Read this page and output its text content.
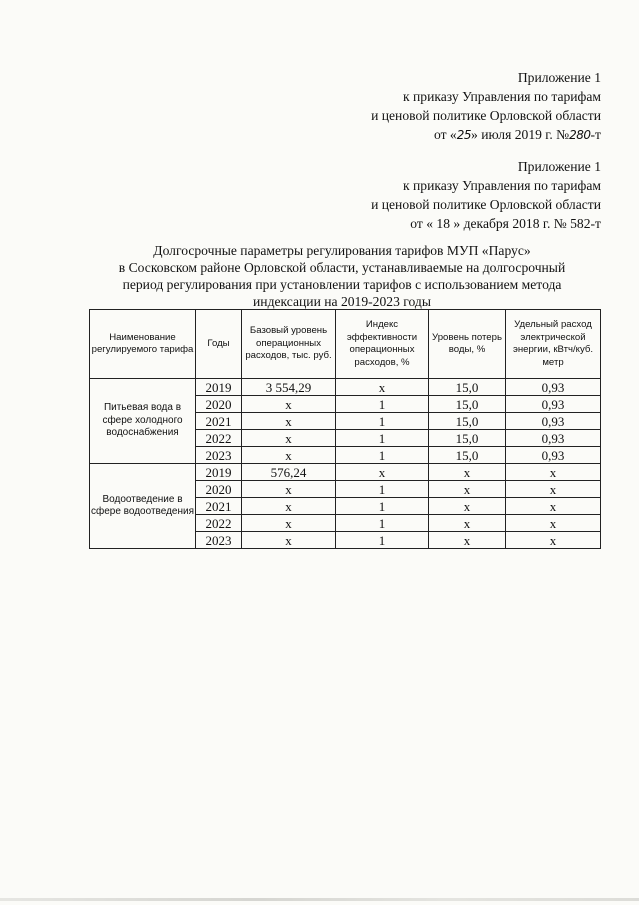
Приложение 1
к приказу Управления по тарифам
и ценовой политике Орловской области
от «25» июля 2019 г. №280-т
Приложение 1
к приказу Управления по тарифам
и ценовой политике Орловской области
от « 18 » декабря 2018 г. № 582-т
Долгосрочные параметры регулирования тарифов МУП «Парус»
в Сосковском районе Орловской области, устанавливаемые на долгосрочный
период регулирования при установлении тарифов с использованием метода
индексации на 2019-2023 годы
Наименование регулируемого тарифа	Годы	Базовый уровень операционных расходов, тыс. руб.	Индекс эффективности операционных расходов, %	Уровень потерь воды, %	Удельный расход электрической энергии, кВтч/куб. метр
Питьевая вода в сфере холодного водоснабжения	2019	3 554,29	x	15,0	0,93
	2020	x	1	15,0	0,93
	2021	x	1	15,0	0,93
	2022	x	1	15,0	0,93
	2023	x	1	15,0	0,93
Водоотведение в сфере водоотведения	2019	576,24	x	x	x
	2020	x	1	x	x
	2021	x	1	x	x
	2022	x	1	x	x
	2023	x	1	x	x
